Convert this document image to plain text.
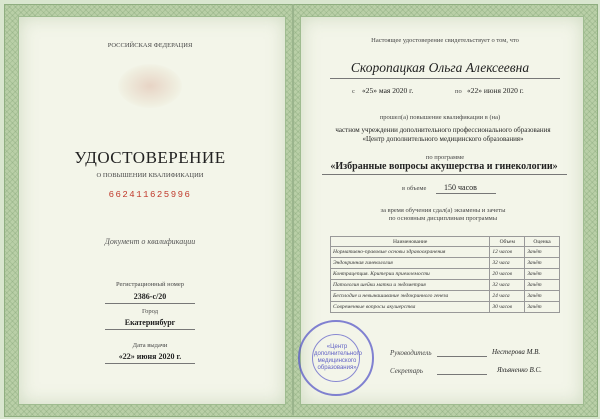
РОССИЙСКАЯ ФЕДЕРАЦИЯ
УДОСТОВЕРЕНИЕ
О ПОВЫШЕНИИ КВАЛИФИКАЦИИ
662411625996
Документ о квалификации
Регистрационный номер
2386-с/20
Город
Екатеринбург
Дата выдачи
«22» июня 2020 г.
Настоящее удостоверение свидетельствует о том, что
Скоропацкая Ольга Алексеевна
с «25» мая 2020 г.	по «22» июня 2020 г.
прошел(а) повышение квалификации в (на)
частном учреждении дополнительного профессионального образования
«Центр дополнительного медицинского образования»
по программе
«Избранные вопросы акушерства и гинекологии»
в объеме 150 часов
за время обучения сдал(а) экзамены и зачеты
по основным дисциплинам программы
Наименование	Объем	Оценка
Нормативно-правовые основы здравоохранения	12 часов	Зачёт
Эндокринная гинекология	32 часа	Зачёт
Контрацепция. Критерии приемлемости	20 часов	Зачёт
Патология шейки матки и эндометрия	32 часа	Зачёт
Бесплодие и невынашивание эндокринного генеза	24 часа	Зачёт
Современные вопросы акушерства	30 часов	Зачёт
Руководитель	Нестерова М.В.
Секретарь	Яхьяненко В.С.
«Центр дополнительного медицинского образования»
